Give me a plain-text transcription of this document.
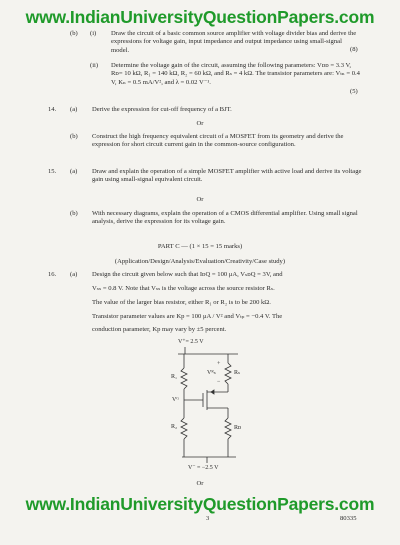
www.IndianUniversityQuestionPapers.com
(b) (i) Draw the circuit of a basic common source amplifier with voltage divider bias and derive the expressions for voltage gain, input impedance and output impedance using small-signal model.	(8)
(ii) Determine the voltage gain of the circuit, assuming the following parameters: Vᴅᴅ = 3.3 V, Rᴅ= 10 kΩ, R₁ = 140 kΩ, R₂ = 60 kΩ, and Rₛ = 4 kΩ. The transistor parameters are: Vₜₙ = 0.4 V, Kₙ = 0.5 mA/V², and λ = 0.02 V⁻¹.
(5)
14. (a) Derive the expression for cut-off frequency of a BJT.
Or
(b) Construct the high frequency equivalent circuit of a MOSFET from its geometry and derive the expression for short circuit current gain in the common-source configuration.
15. (a) Draw and explain the operation of a simple MOSFET amplifier with active load and derive its voltage gain using small-signal equivalent circuit.
Or
(b) With necessary diagrams, explain the operation of a CMOS differential amplifier. Using small signal analysis, derive the expression for its voltage gain.
PART C — (1 × 15 = 15 marks)
(Application/Design/Analysis/Evaluation/Creativity/Case study)
16. (a) Design the circuit given below such that IᴅQ = 100 μA, VₛᴅQ = 3V, and
Vₛₛ = 0.8 V. Note that Vₛₛ is the voltage across the source resistor Rₛ.
The value of the larger bias resistor, either R₁ or R₂ is to be 200 kΩ.
Transistor parameter values are Kp = 100 μA / V² and Vₜₚ = −0.4 V. The
conduction parameter, Kp may vary by ±5 percent.
V⁺= 2.5 V
R₁
R₂
Rₛ
Rᴅ
Vᴳ
Vᴿₛ
+
−
V⁻ = −2.5 V
Or
www.IndianUniversityQuestionPapers.com
3	80335
